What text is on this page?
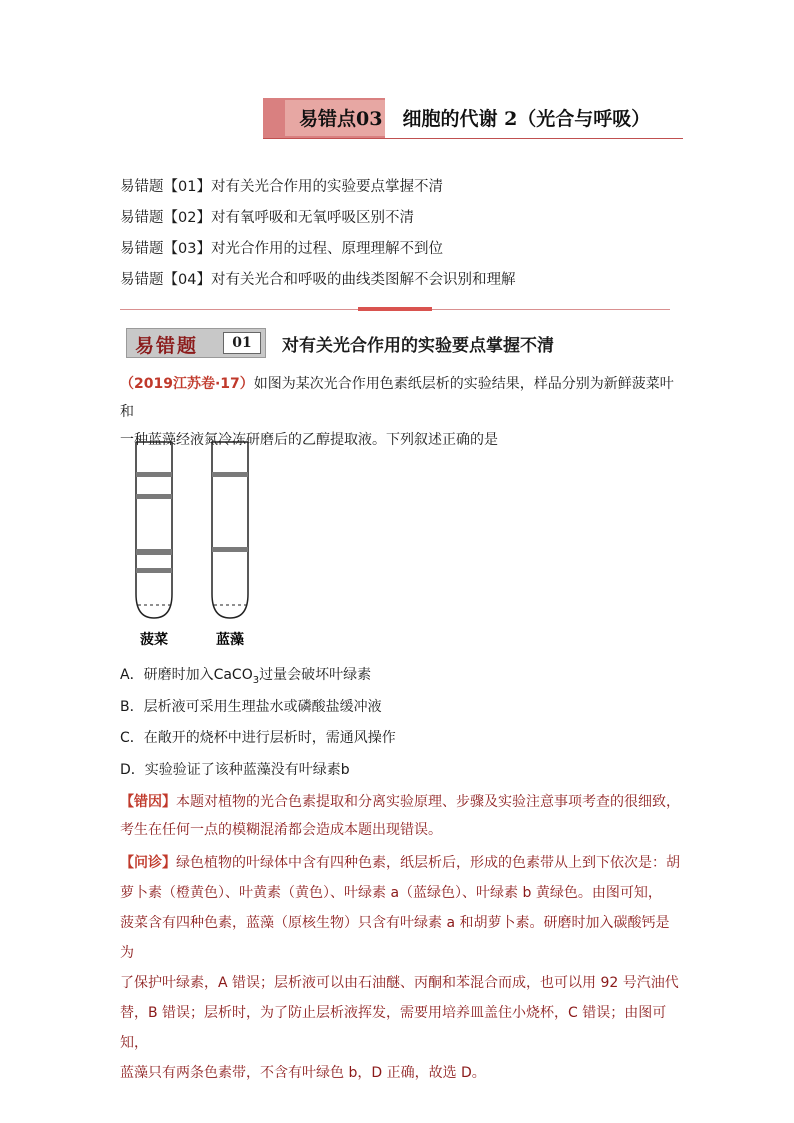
易错点03 细胞的代谢 2（光合与呼吸）
易错题【01】对有关光合作用的实验要点掌握不清
易错题【02】对有氧呼吸和无氧呼吸区别不清
易错题【03】对光合作用的过程、原理理解不到位
易错题【04】对有关光合和呼吸的曲线类图解不会识别和理解
易错题	01	对有关光合作用的实验要点掌握不清
（2019江苏卷·17）如图为某次光合作用色素纸层析的实验结果，样品分别为新鲜菠菜叶和
一种蓝藻经液氮冷冻研磨后的乙醇提取液。下列叙述正确的是
菠菜	蓝藻
A．研磨时加入CaCO$_3$过量会破坏叶绿素
B．层析液可采用生理盐水或磷酸盐缓冲液
C．在敞开的烧杯中进行层析时，需通风操作
D．实验验证了该种蓝藻没有叶绿素b
【错因】本题对植物的光合色素提取和分离实验原理、步骤及实验注意事项考查的很细致，
考生在任何一点的模糊混淆都会造成本题出现错误。
【问诊】绿色植物的叶绿体中含有四种色素，纸层析后，形成的色素带从上到下依次是：胡
萝卜素（橙黄色）、叶黄素（黄色）、叶绿素 a（蓝绿色）、叶绿素 b 黄绿色。由图可知，
菠菜含有四种色素，蓝藻（原核生物）只含有叶绿素 a 和胡萝卜素。研磨时加入碳酸钙是为
了保护叶绿素，A 错误；层析液可以由石油醚、丙酮和苯混合而成，也可以用 92 号汽油代
替，B 错误；层析时，为了防止层析液挥发，需要用培养皿盖住小烧杯，C 错误；由图可知，
蓝藻只有两条色素带，不含有叶绿色 b，D 正确，故选 D。
